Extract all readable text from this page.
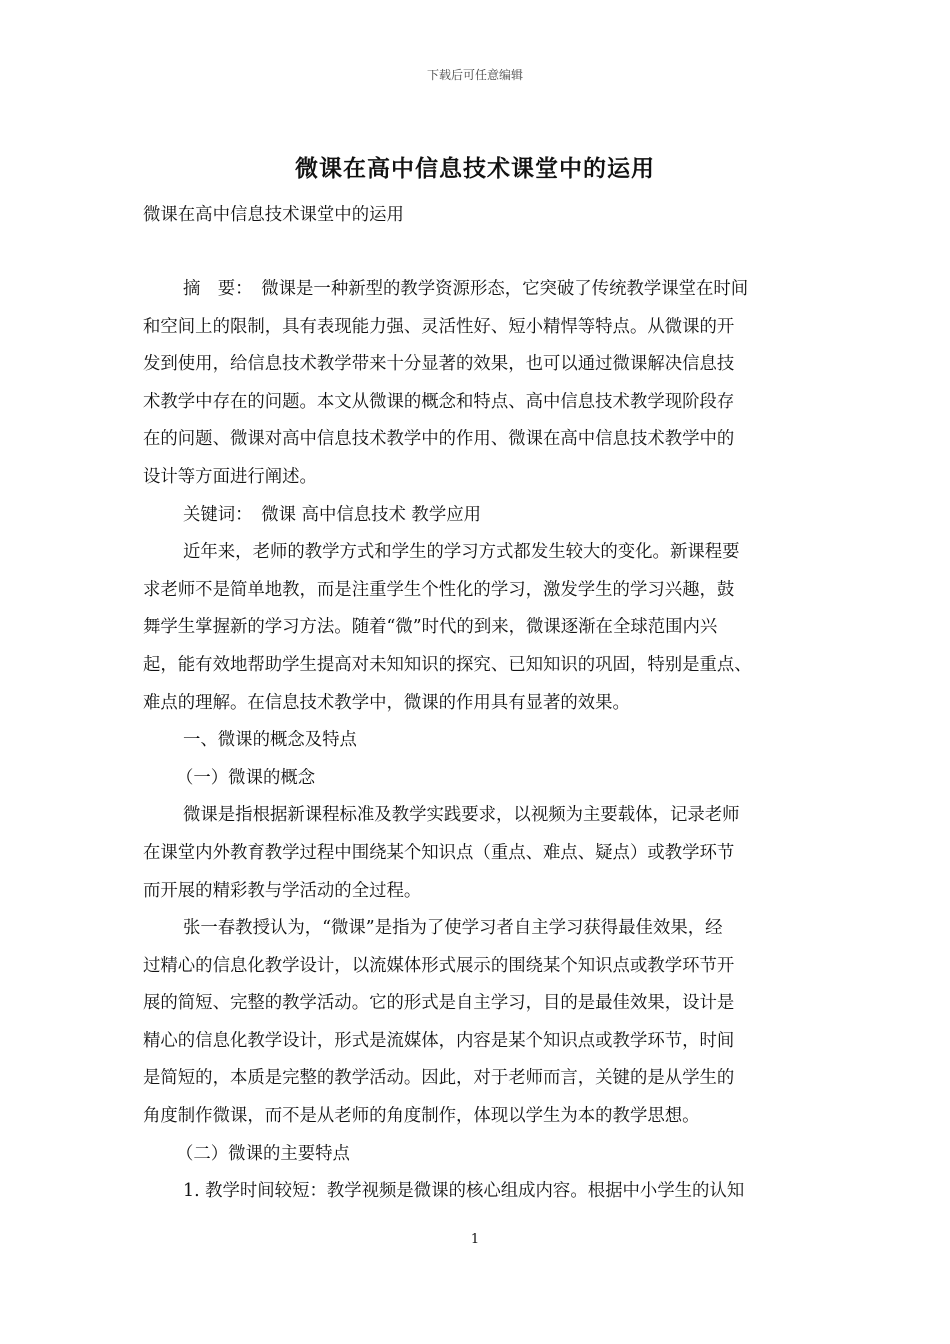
下载后可任意编辑
微课在高中信息技术课堂中的运用
微课在高中信息技术课堂中的运用
摘　要：　微课是一种新型的教学资源形态，它突破了传统教学课堂在时间
和空间上的限制，具有表现能力强、灵活性好、短小精悍等特点。从微课的开
发到使用，给信息技术教学带来十分显著的效果，也可以通过微课解决信息技
术教学中存在的问题。本文从微课的概念和特点、高中信息技术教学现阶段存
在的问题、微课对高中信息技术教学中的作用、微课在高中信息技术教学中的
设计等方面进行阐述。
关键词：　微课 高中信息技术 教学应用
近年来，老师的教学方式和学生的学习方式都发生较大的变化。新课程要
求老师不是简单地教，而是注重学生个性化的学习，激发学生的学习兴趣，鼓
舞学生掌握新的学习方法。随着“微”时代的到来，微课逐渐在全球范围内兴
起，能有效地帮助学生提高对未知知识的探究、已知知识的巩固，特别是重点、
难点的理解。在信息技术教学中，微课的作用具有显著的效果。
一、微课的概念及特点
（一）微课的概念
微课是指根据新课程标准及教学实践要求，以视频为主要载体，记录老师
在课堂内外教育教学过程中围绕某个知识点（重点、难点、疑点）或教学环节
而开展的精彩教与学活动的全过程。
张一春教授认为，“微课”是指为了使学习者自主学习获得最佳效果，经
过精心的信息化教学设计，以流媒体形式展示的围绕某个知识点或教学环节开
展的简短、完整的教学活动。它的形式是自主学习，目的是最佳效果，设计是
精心的信息化教学设计，形式是流媒体，内容是某个知识点或教学环节，时间
是简短的，本质是完整的教学活动。因此，对于老师而言，关键的是从学生的
角度制作微课，而不是从老师的角度制作，体现以学生为本的教学思想。
（二）微课的主要特点
1. 教学时间较短：教学视频是微课的核心组成内容。根据中小学生的认知
1
